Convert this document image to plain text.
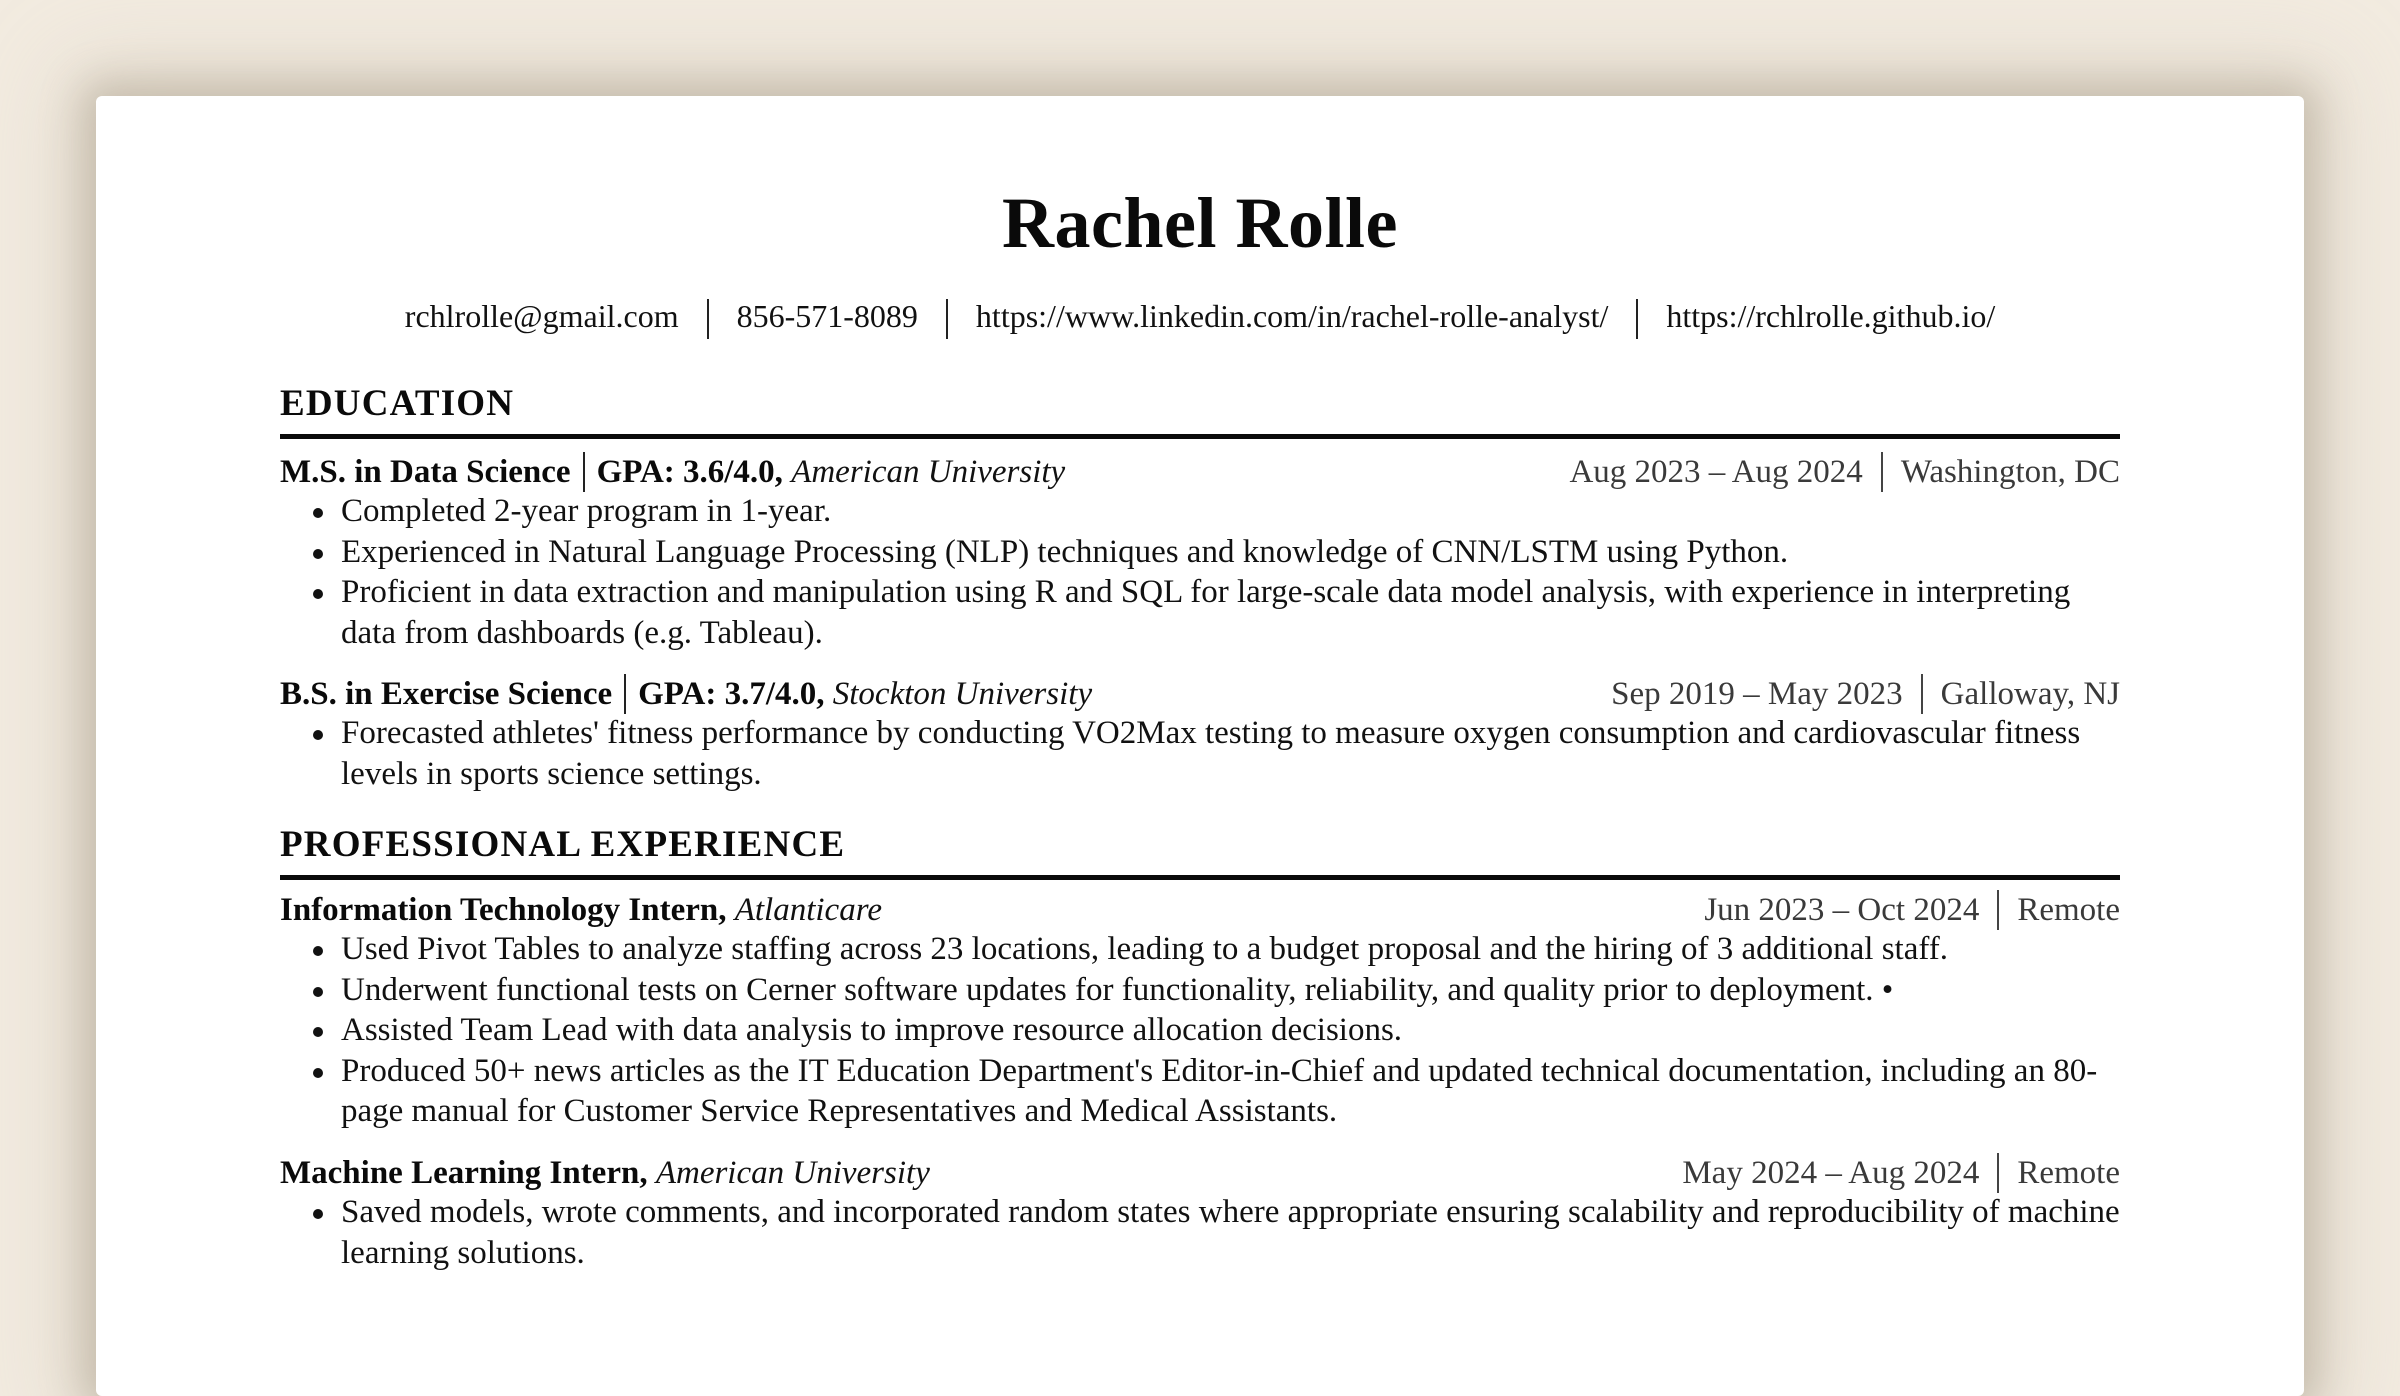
Rachel Rolle
rchlrolle@gmail.com 856-571-8089 https://www.linkedin.com/in/rachel-rolle-analyst/ https://rchlrolle.github.io/
EDUCATION
M.S. in Data Science GPA: 3.6/4.0, American University	Aug 2023 – Aug 2024 Washington, DC
Completed 2-year program in 1-year.
Experienced in Natural Language Processing (NLP) techniques and knowledge of CNN/LSTM using Python.
Proficient in data extraction and manipulation using R and SQL for large-scale data model analysis, with experience in interpreting data from dashboards (e.g. Tableau).
B.S. in Exercise Science GPA: 3.7/4.0, Stockton University	Sep 2019 – May 2023 Galloway, NJ
Forecasted athletes' fitness performance by conducting VO2Max testing to measure oxygen consumption and cardiovascular fitness levels in sports science settings.
PROFESSIONAL EXPERIENCE
Information Technology Intern, Atlanticare	Jun 2023 – Oct 2024 Remote
Used Pivot Tables to analyze staffing across 23 locations, leading to a budget proposal and the hiring of 3 additional staff.
Underwent functional tests on Cerner software updates for functionality, reliability, and quality prior to deployment. •
Assisted Team Lead with data analysis to improve resource allocation decisions.
Produced 50+ news articles as the IT Education Department's Editor-in-Chief and updated technical documentation, including an 80-page manual for Customer Service Representatives and Medical Assistants.
Machine Learning Intern, American University	May 2024 – Aug 2024 Remote
Saved models, wrote comments, and incorporated random states where appropriate ensuring scalability and reproducibility of machine learning solutions.
